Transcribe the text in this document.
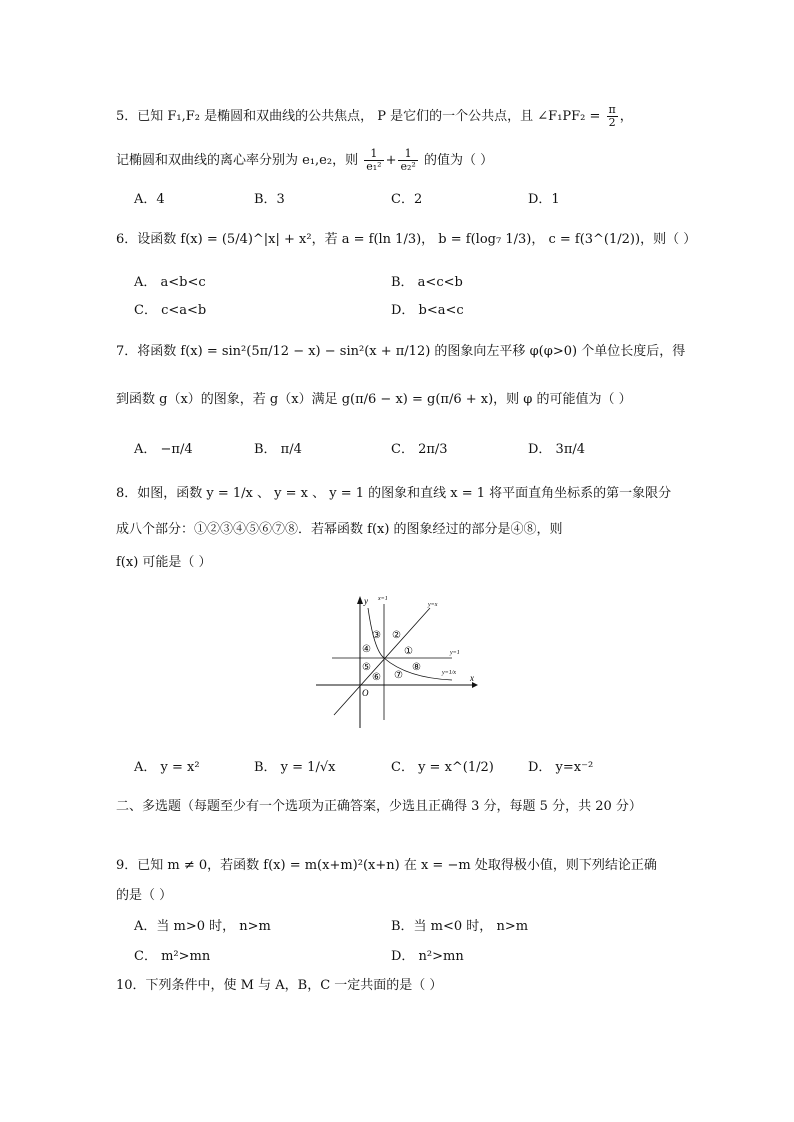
5．已知 F₁,F₂ 是椭圆和双曲线的公共焦点， P 是它们的一个公共点，且 ∠F₁PF₂ = $\frac{\pi}{2}$ ，
记椭圆和双曲线的离心率分别为 e₁,e₂，则 $\frac{1}{\text{e₁²}} + \frac{1}{\text{e₂²}}$ 的值为（ ）
A．4	B．3	C．2	D．1
6．设函数 f(x) = (5/4)^|x| + x²，若 a = f(ln 1/3)， b = f(log₇ 1/3)， c = f(3^(1/2))，则（ ）
A． a<b<c	B． a<c<b
C． c<a<b	D． b<a<c
7．将函数 f(x) = sin²(5π/12 − x) − sin²(x + π/12) 的图象向左平移 φ(φ>0) 个单位长度后，得
到函数 g（x）的图象，若 g（x）满足 g(π/6 − x) = g(π/6 + x)，则 φ 的可能值为（ ）
A． −π/4	B． π/4	C． 2π/3	D． 3π/4
8．如图，函数 y = 1/x 、 y = x 、 y = 1 的图象和直线 x = 1 将平面直角坐标系的第一象限分
成八个部分：①②③④⑤⑥⑦⑧．若幂函数 f(x) 的图象经过的部分是④⑧，则
f(x) 可能是（ ）
y
x
O
x=1
y=x
y=1
y=1/x
③ ②
①
④
⑤
⑥ ⑦
⑧
A． y = x²	B． y = 1/√x	C． y = x^(1/2)	D． y=x⁻²
二、多选题（每题至少有一个选项为正确答案，少选且正确得 3 分，每题 5 分，共 20 分）
9．已知 m ≠ 0，若函数 f(x) = m(x+m)²(x+n) 在 x = −m 处取得极小值，则下列结论正确
的是（ ）
A．当 m>0 时， n>m	B．当 m<0 时， n>m
C． m²>mn	D． n²>mn
10．下列条件中，使 M 与 A，B，C 一定共面的是（ ）
